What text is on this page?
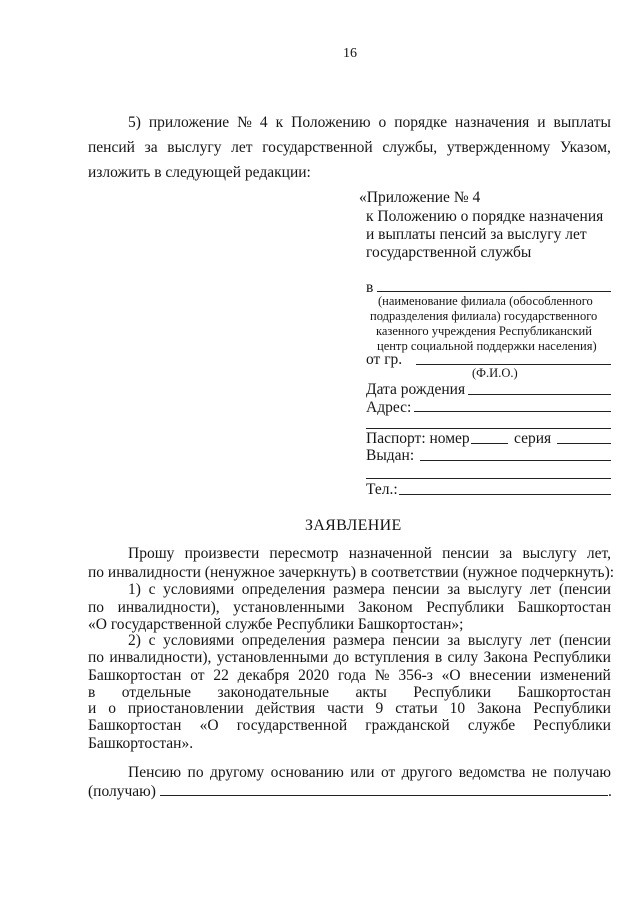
16
5) приложение № 4 к Положению о порядке назначения и выплаты
пенсий за выслугу лет государственной службы, утвержденному Указом,
изложить в следующей редакции:
«Приложение № 4
к Положению о порядке назначения
и выплаты пенсий за выслугу лет
государственной службы
в
(наименование филиала (обособленного
подразделения филиала) государственного
казенного учреждения Республиканский
центр социальной поддержки населения)
от гр.
(Ф.И.О.)
Дата рождения
Адрес:
Паспорт: номер	серия
Выдан:
Тел.:
ЗАЯВЛЕНИЕ
Прошу произвести пересмотр назначенной пенсии за выслугу лет,
по инвалидности (ненужное зачеркнуть) в соответствии (нужное подчеркнуть):
1) с условиями определения размера пенсии за выслугу лет (пенсии
по инвалидности), установленными Законом Республики Башкортостан
«О государственной службе Республики Башкортостан»;
2) с условиями определения размера пенсии за выслугу лет (пенсии
по инвалидности), установленными до вступления в силу Закона Республики
Башкортостан от 22 декабря 2020 года № 356-з «О внесении изменений
в отдельные законодательные акты Республики Башкортостан
и о приостановлении действия части 9 статьи 10 Закона Республики
Башкортостан «О государственной гражданской службе Республики
Башкортостан».
Пенсию по другому основанию или от другого ведомства не получаю
(получаю)	.
